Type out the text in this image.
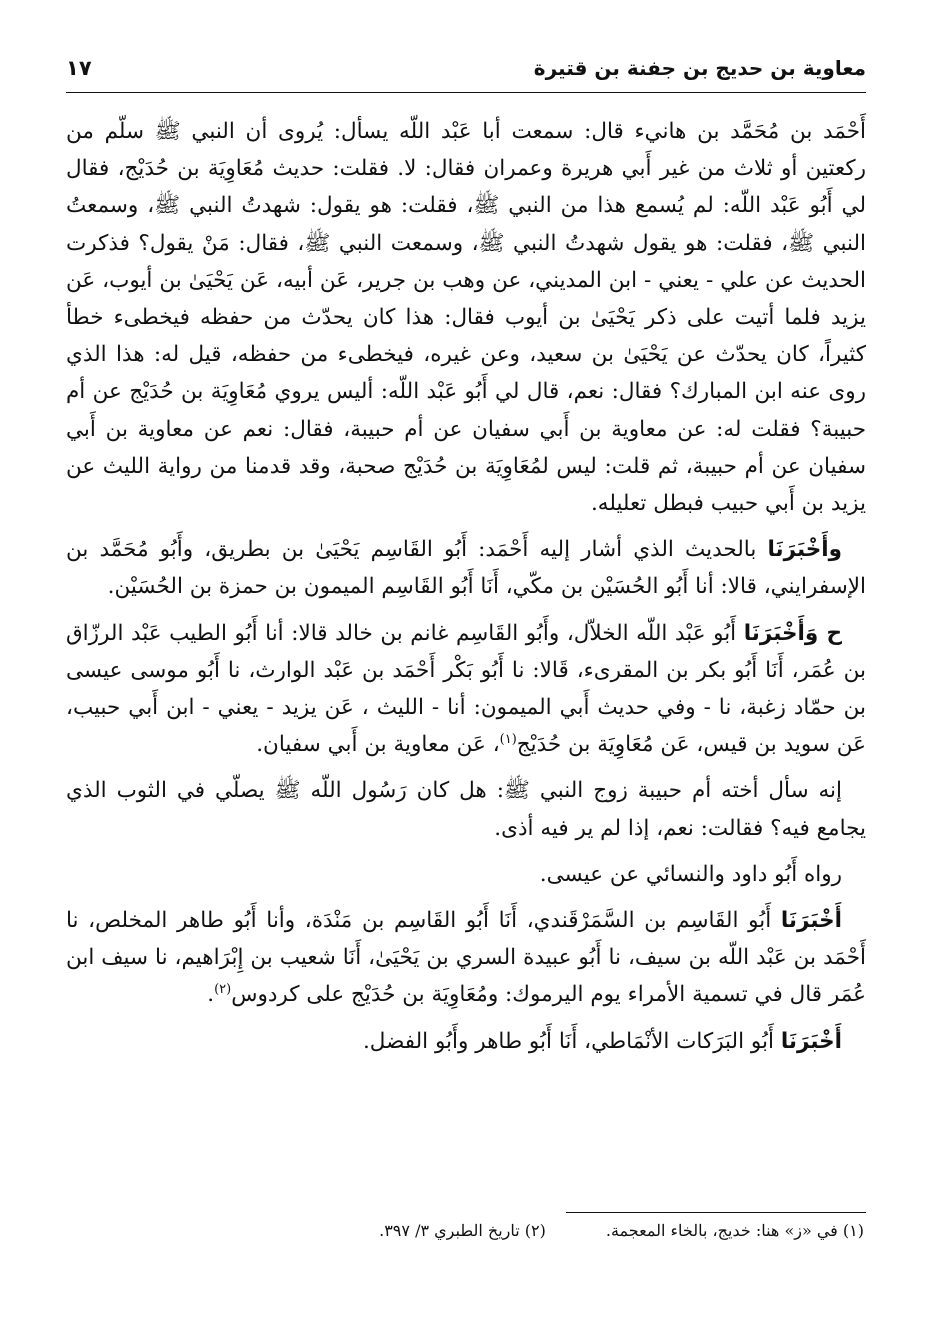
معاوية بن حديج بن جفنة بن قتيرة
١٧

أَحْمَد بن مُحَمَّد بن هانيء قال: سمعت أبا عَبْد اللّه يسأل: يُروى أن النبي ﷺ سلّم من ركعتين أو ثلاث من غير أَبي هريرة وعمران فقال: لا. فقلت: حديث مُعَاوِيَة بن حُدَيْج، فقال لي أَبُو عَبْد اللّه: لم يُسمع هذا من النبي ﷺ، فقلت: هو يقول: شهدتُ النبي ﷺ، وسمعتُ النبي ﷺ، فقلت: هو يقول شهدتُ النبي ﷺ، وسمعت النبي ﷺ، فقال: مَنْ يقول؟ فذكرت الحديث عن علي - يعني - ابن المديني، عن وهب بن جرير، عَن أبيه، عَن يَحْيَىٰ بن أيوب، عَن يزيد فلما أتيت على ذكر يَحْيَىٰ بن أيوب فقال: هذا كان يحدّث من حفظه فيخطىء خطأ كثيراً، كان يحدّث عن يَحْيَىٰ بن سعيد، وعن غيره، فيخطىء من حفظه، قيل له: هذا الذي روى عنه ابن المبارك؟ فقال: نعم، قال لي أَبُو عَبْد اللّه: أليس يروي مُعَاوِيَة بن حُدَيْج عن أم حبيبة؟ فقلت له: عن معاوية بن أَبي سفيان عن أم حبيبة، فقال: نعم عن معاوية بن أَبي سفيان عن أم حبيبة، ثم قلت: ليس لمُعَاوِيَة بن حُدَيْج صحبة، وقد قدمنا من رواية الليث عن يزيد بن أَبي حبيب فبطل تعليله.

وأَخْبَرَنَا بالحديث الذي أشار إليه أَحْمَد: أَبُو القَاسِم يَحْيَىٰ بن بطريق، وأَبُو مُحَمَّد بن الإسفرايني، قالا: أنا أَبُو الحُسَيْن بن مكّي، أَنَا أَبُو القَاسِم الميمون بن حمزة بن الحُسَيْن.

ح وَأَخْبَرَنَا أَبُو عَبْد اللّه الخلاّل، وأَبُو القَاسِم غانم بن خالد قالا: أنا أَبُو الطيب عَبْد الرزّاق بن عُمَر، أَنَا أَبُو بكر بن المقرىء، قَالا: نا أَبُو بَكْر أَحْمَد بن عَبْد الوارث، نا أَبُو موسى عيسى بن حمّاد زغبة، نا - وفي حديث أَبي الميمون: أنا - الليث ، عَن يزيد - يعني - ابن أَبي حبيب، عَن سويد بن قيس، عَن مُعَاوِيَة بن حُدَيْج$^{(١)}$، عَن معاوية بن أَبي سفيان.

إنه سأل أخته أم حبيبة زوج النبي ﷺ: هل كان رَسُول اللّه ﷺ يصلّي في الثوب الذي يجامع فيه؟ فقالت: نعم، إذا لم ير فيه أذى.

رواه أَبُو داود والنسائي عن عيسى.

أَخْبَرَنَا أَبُو القَاسِم بن السَّمَرْقَندي، أَنَا أَبُو القَاسِم بن مَنْدَة، وأنا أَبُو طاهر المخلص، نا أَحْمَد بن عَبْد اللّه بن سيف، نا أَبُو عبيدة السري بن يَحْيَىٰ، أَنَا شعيب بن إِبْرَاهيم، نا سيف ابن عُمَر قال في تسمية الأمراء يوم اليرموك: ومُعَاوِيَة بن حُدَيْج على كردوس$^{(٢)}$.

أَخْبَرَنَا أَبُو البَرَكات الأنْمَاطي، أَنَا أَبُو طاهر وأَبُو الفضل.

(١) في «ز» هنا: خديج، بالخاء المعجمة.
(٢) تاريخ الطبري ٣/ ٣٩٧.
